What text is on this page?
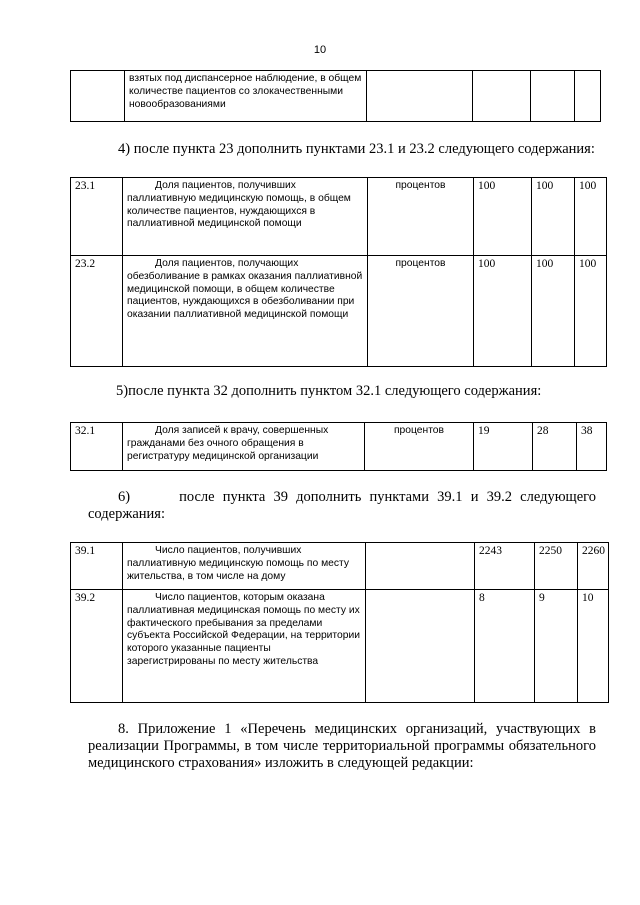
10
	взятых под диспансерное наблюдение, в общем количестве пациентов со злокачественными новообразованиями				
4) после пункта 23 дополнить пунктами 23.1 и 23.2 следующего содержания:
23.1	Доля пациентов, получивших паллиативную медицинскую помощь, в общем количестве пациентов, нуждающихся в паллиативной медицинской помощи	процентов	100	100	100
23.2	Доля пациентов, получающих обезболивание в рамках оказания паллиативной медицинской помощи, в общем количестве пациентов, нуждающихся в обезболивании при оказании паллиативной медицинской помощи	процентов	100	100	100
5)после пункта 32 дополнить пунктом 32.1 следующего содержания:
32.1	Доля записей к врачу, совершенных гражданами без очного обращения в регистратуру медицинской организации	процентов	19	28	38
6)      после пункта 39 дополнить пунктами 39.1 и 39.2 следующего содержания:
39.1	Число пациентов, получивших паллиативную медицинскую помощь по месту жительства, в том числе на дому		2243	2250	2260
39.2	Число пациентов, которым оказана паллиативная медицинская помощь по месту их фактического пребывания за пределами субъекта Российской Федерации, на территории которого указанные пациенты зарегистрированы по месту жительства		8	9	10
8. Приложение 1 «Перечень медицинских организаций, участвующих в реализации Программы, в том числе территориальной программы обязательного медицинского страхования» изложить в следующей редакции:
